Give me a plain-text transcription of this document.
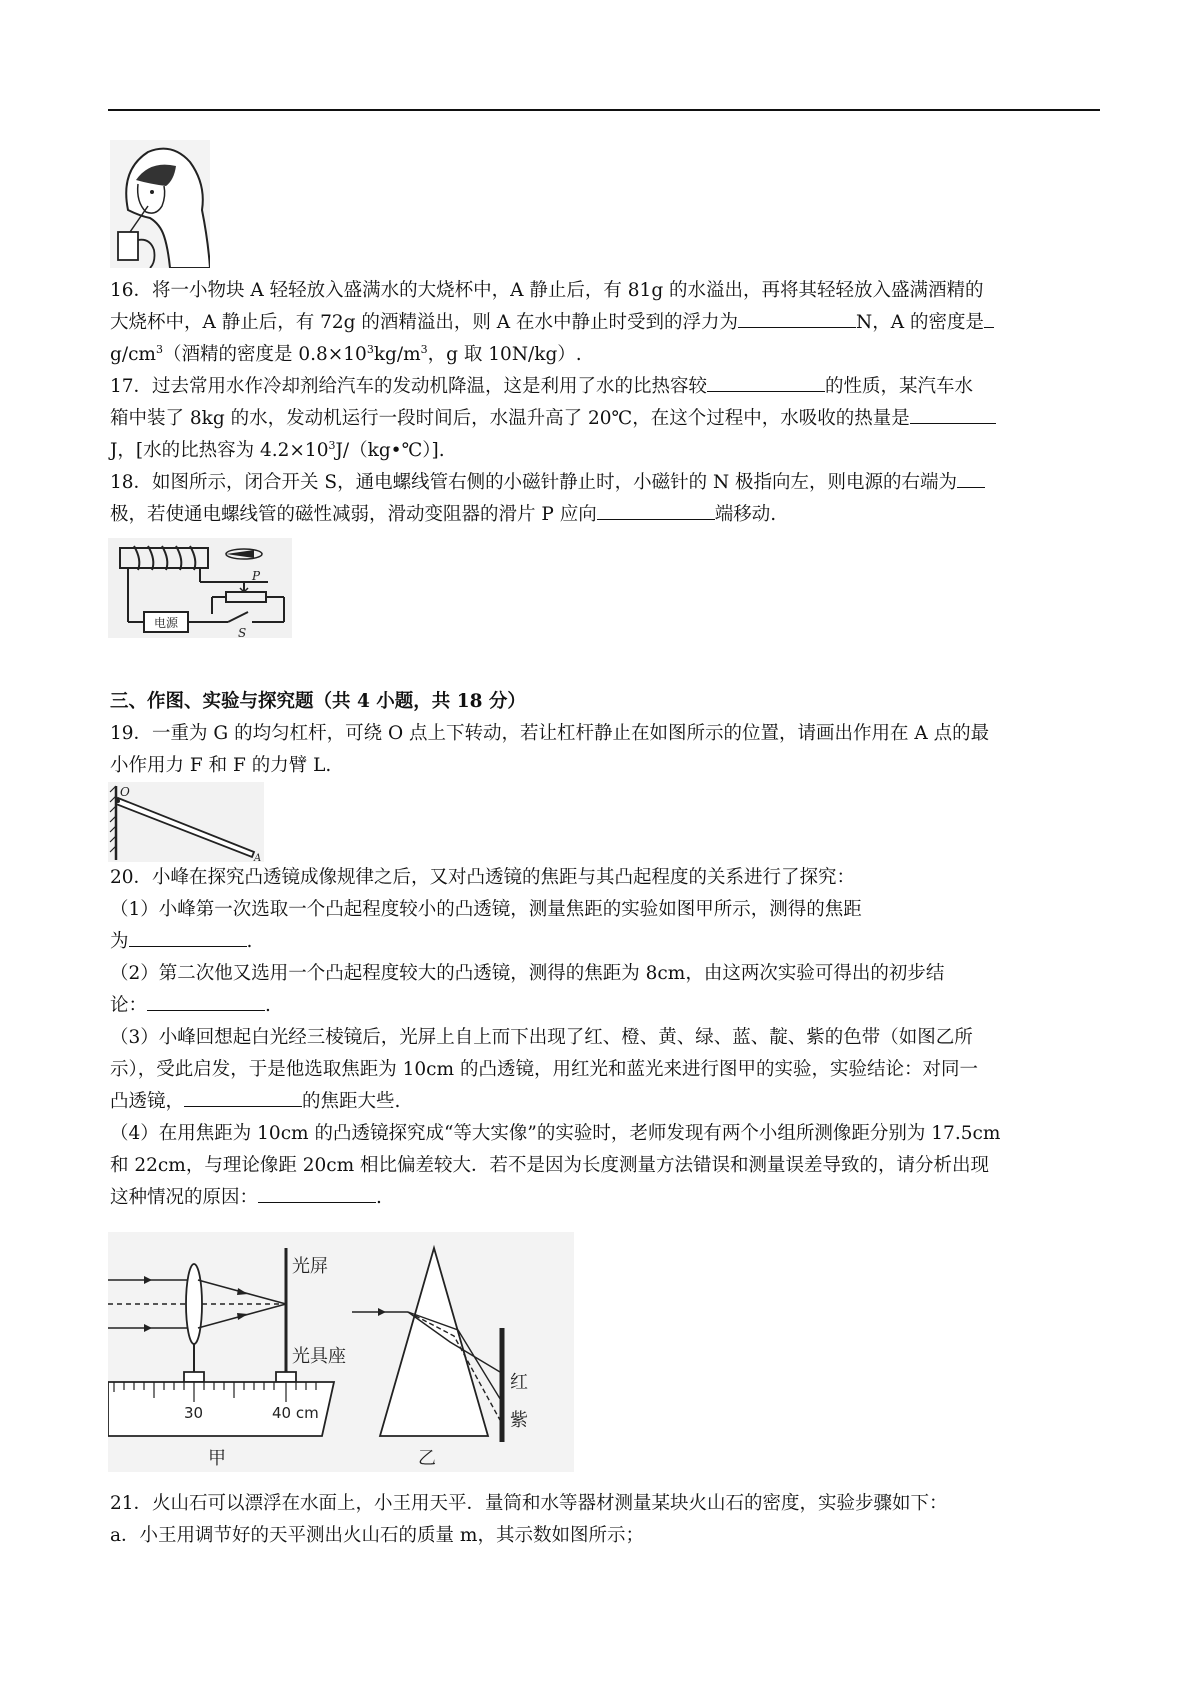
16．将一小物块 A 轻轻放入盛满水的大烧杯中，A 静止后，有 81g 的水溢出，再将其轻轻放入盛满酒精的
大烧杯中，A 静止后，有 72g 的酒精溢出，则 A 在水中静止时受到的浮力为	N，A 的密度是
$g/cm^3$（酒精的密度是 $0.8\times 10^3kg/m^3$，g 取 10N/kg）.
17．过去常用水作冷却剂给汽车的发动机降温，这是利用了水的比热容较	的性质，某汽车水
箱中装了 8kg 的水，发动机运行一段时间后，水温升高了 20℃，在这个过程中，水吸收的热量是
J，[水的比热容为 $4.2\times 10^3J/(kg•℃)$].
18．如图所示，闭合开关 S，通电螺线管右侧的小磁针静止时，小磁针的 N 极指向左，则电源的右端为
极，若使通电螺线管的磁性减弱，滑动变阻器的滑片 P 应向	端移动.
P
电源
S
三、作图、实验与探究题（共 4 小题，共 18 分）
19．一重为 G 的均匀杠杆，可绕 O 点上下转动，若让杠杆静止在如图所示的位置，请画出作用在 A 点的最
小作用力 F 和 F 的力臂 L.
O
A
20．小峰在探究凸透镜成像规律之后，又对凸透镜的焦距与其凸起程度的关系进行了探究：
（1）小峰第一次选取一个凸起程度较小的凸透镜，测量焦距的实验如图甲所示，测得的焦距
为	.
（2）第二次他又选用一个凸起程度较大的凸透镜，测得的焦距为 8cm，由这两次实验可得出的初步结
论：	.
（3）小峰回想起白光经三棱镜后，光屏上自上而下出现了红、橙、黄、绿、蓝、靛、紫的色带（如图乙所
示），受此启发，于是他选取焦距为 10cm 的凸透镜，用红光和蓝光来进行图甲的实验，实验结论：对同一
凸透镜，	的焦距大些.
（4）在用焦距为 10cm 的凸透镜探究成“等大实像”的实验时，老师发现有两个小组所测像距分别为 17.5cm
和 22cm，与理论像距 20cm 相比偏差较大．若不是因为长度测量方法错误和测量误差导致的，请分析出现
这种情况的原因：	.
光屏
光具座
30	40 cm
甲
红
紫
乙
21．火山石可以漂浮在水面上，小王用天平．量筒和水等器材测量某块火山石的密度，实验步骤如下：
a．小王用调节好的天平测出火山石的质量 m，其示数如图所示；
